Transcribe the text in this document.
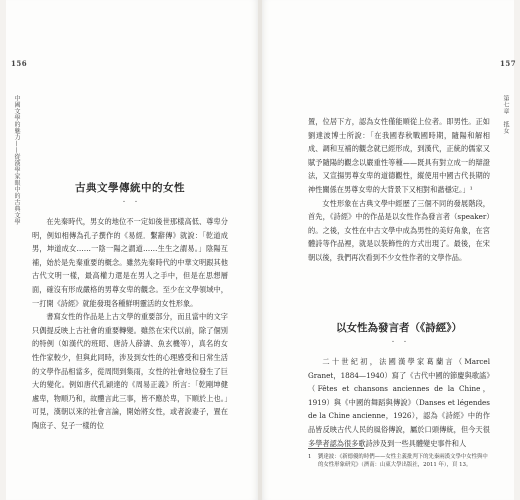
156
中國文學的魅力——從漢學家眼中的古典文學	古典文學傳統中的女性
・　・

在先秦時代，男女的地位不一定如後世那樣高低、尊卑分明，例如相傳為孔子撰作的《易經．繫辭傳》就說：「乾道成男，坤道成女……一陰一陽之謂道……生生之謂易。」陰陽互補，始於是先秦重要的概念。雖然先秦時代的中華文明跟其他古代文明一樣，最高權力還是在男人之手中，但是在思想層面，確沒有形成嚴格的男尊女卑的觀念。至少在文學領域中，一打開《詩經》就能發現各種鮮明靈活的女性形象。

書寫女性的作品是上古文學的重要部分，而且當中的文字只偶提反映上古社會的重要轉變。雖然在宋代以前，除了個別的特例（如漢代的班昭、唐詩人薛濤、魚玄機等），真名的女性作家較少，但與此同時，涉及到女性的心理感受和日常生活的文學作品相當多，從周問到集雨，女性的社會地位發生了巨大的變化。例如唐代孔穎達的《周易正義》所言：「乾剛坤健處卑，物順乃和，故醴言此三事，皆不應於卑，下順於上也。」可見，漢朝以來的社會言論，開始將女性，或者說妻子，置在陶庶子、兒子一樣的位

157
第七章　抵女

置，位居下方，認為女性僅能順從上位者。即男性。正如劉達波博士所說：「在我國春秋戰國時期，隨陽和解相成、調和互補的觀念就已經形成，到漢代，正統的儒家又賦予隨陽的觀念以嚴重性等種——既具有對立成一的辯證法，又宣揚男尊女卑的道德觀性，縱使用中國古代長期的神性關係在男尊女卑的大背景下又相對和諧穩定。」¹

女性形象在古典文學中經歷了三個不同的發展階段，首先，《詩經》中的作品是以女性作為發言者（speaker）的。之後，女性在中古文學中成為男性的美好角象，在宮體詩等作品裡，就是以裝飾性的方式出現了。最後，在宋朝以後，我們再次看到不少女性作者的文學作品。

以女性為發言者（《詩經》）
・　・

二十世紀初，法國漢學家葛蘭言（Marcel Granet，1884—1940）寫了《古代中國的節慶與歌謠》（Fêtes et chansons anciennes de la Chine，1919）與《中國的舞蹈與傳說》（Danses et légendes de la Chine ancienne，1926），認為《詩經》中的作品皆反映古代人民的風俗傳說，屬於口頭傳統，但今天很多學者認為很多歌詩涉及到一些具體變史事件和人

1	劉達波：《新德優的時們——女性主義批判下的先秦兩漢文學中女性與中的女性形象研究》（濟南：山東大學出版社，2011 年），頁 13。
